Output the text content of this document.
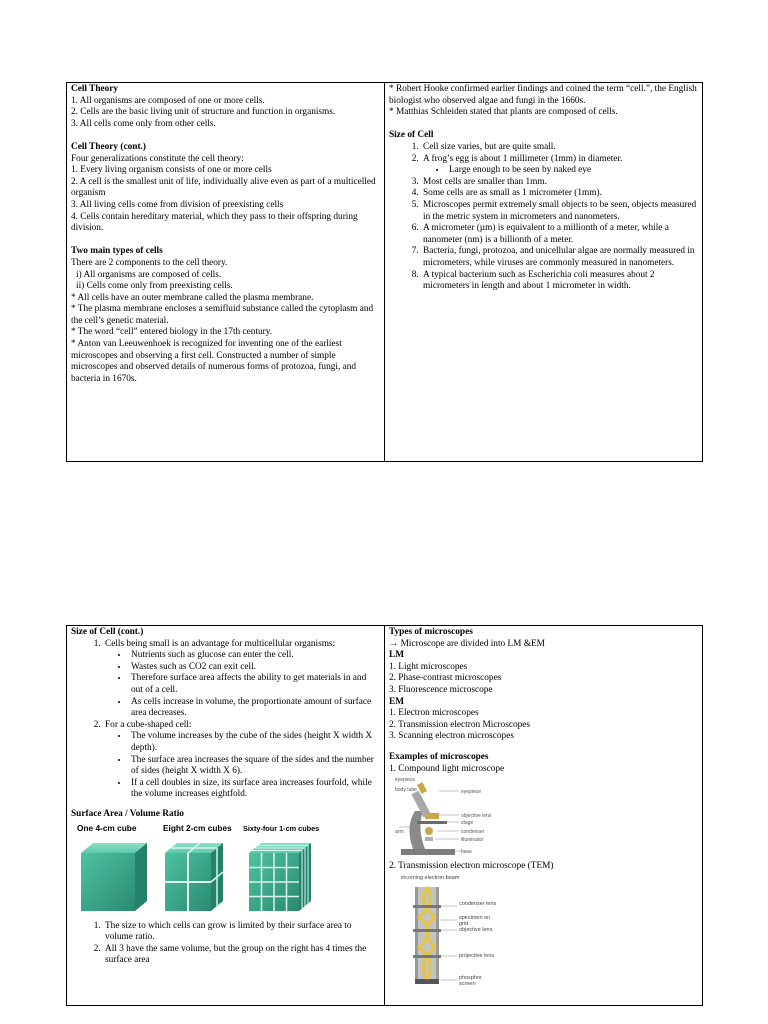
Cell Theory

1. All organisms are composed of one or more cells.

2. Cells are the basic living unit of structure and function in organisms.

3. All cells come only from other cells.

Cell Theory (cont.)

Four generalizations constitute the cell theory:

1. Every living organism consists of one or more cells

2. A cell is the smallest unit of life, individually alive even as part of a multicelled organism

3. All living cells come from division of preexisting cells

4. Cells contain hereditary material, which they pass to their offspring during division.

Two main types of cells

There are 2 components to the cell theory.

i) All organisms are composed of cells.

ii) Cells come only from preexisting cells.

* All cells have an outer membrane called the plasma membrane.

* The plasma membrane encloses a semifluid substance called the cytoplasm and the cell’s genetic material.

* The word “cell” entered biology in the 17th century.

* Anton van Leeuwenhoek is recognized for inventing one of the earliest microscopes and observing a first cell. Constructed a number of simple microscopes and observed details of numerous forms of protozoa, fungi, and bacteria in 1670s.

* Robert Hooke confirmed earlier findings and coined the term “cell.”, the English biologist who observed algae and fungi in the 1660s.

* Matthias Schleiden stated that plants are composed of cells.

Size of Cell
1. Cell size varies, but are quite small.
2. A frog’s egg is about 1 millimeter (1mm) in diameter.
• Large enough to be seen by naked eye
3. Most cells are smaller than 1mm.
4. Some cells are as small as 1 micrometer (1mm).
5. Microscopes permit extremely small objects to be seen, objects measured in the metric system in micrometers and nanometers.
6. A micrometer (µm) is equivalent to a millionth of a meter, while a nanometer (nm) is a billionth of a meter.
7. Bacteria, fungi, protozoa, and unicellular algae are normally measured in micrometers, while viruses are commonly measured in nanometers.
8. A typical bacterium such as Escherichia coli measures about 2 micrometers in length and about 1 micrometer in width.
Size of Cell (cont.)
1. Cells being small is an advantage for multicellular organisms:
• Nutrients such as glucose can enter the cell.
• Wastes such as CO2 can exit cell.
• Therefore surface area affects the ability to get materials in and out of a cell.
• As cells increase in volume, the proportionate amount of surface area decreases.
2. For a cube-shaped cell:
• The volume increases by the cube of the sides (height X width X depth).
• The surface area increases the square of the sides and the number of sides (height X width X 6).
• If a cell doubles in size, its surface area increases fourfold, while the volume increases eightfold.
Surface Area / Volume Ratio
One 4-cm cube	Eight 2-cm cubes Sixty-four 1-cm cubes
1. The size to which cells can grow is limited by their surface area to volume ratio.
2. All 3 have the same volume, but the group on the right has 4 times the surface area
Types of microscopes

→ Microscope are divided into LM &EM

LM

1. Light microscopes

2. Phase-contrast microscopes

3. Fluorescence microscope

EM

1. Electron microscopes

2. Transmission electron Microscopes

3. Scanning electron microscopes

Examples of microscopes

1. Compound light microscope

eyepiece
body tube	eyepiece
objective lens
stage
condenser
illuminator
base
arm

2. Transmission electron microscope (TEM)

incoming electron beam
condenser lens
specimen on grid
objective lens
projective lens
phosphor screen
